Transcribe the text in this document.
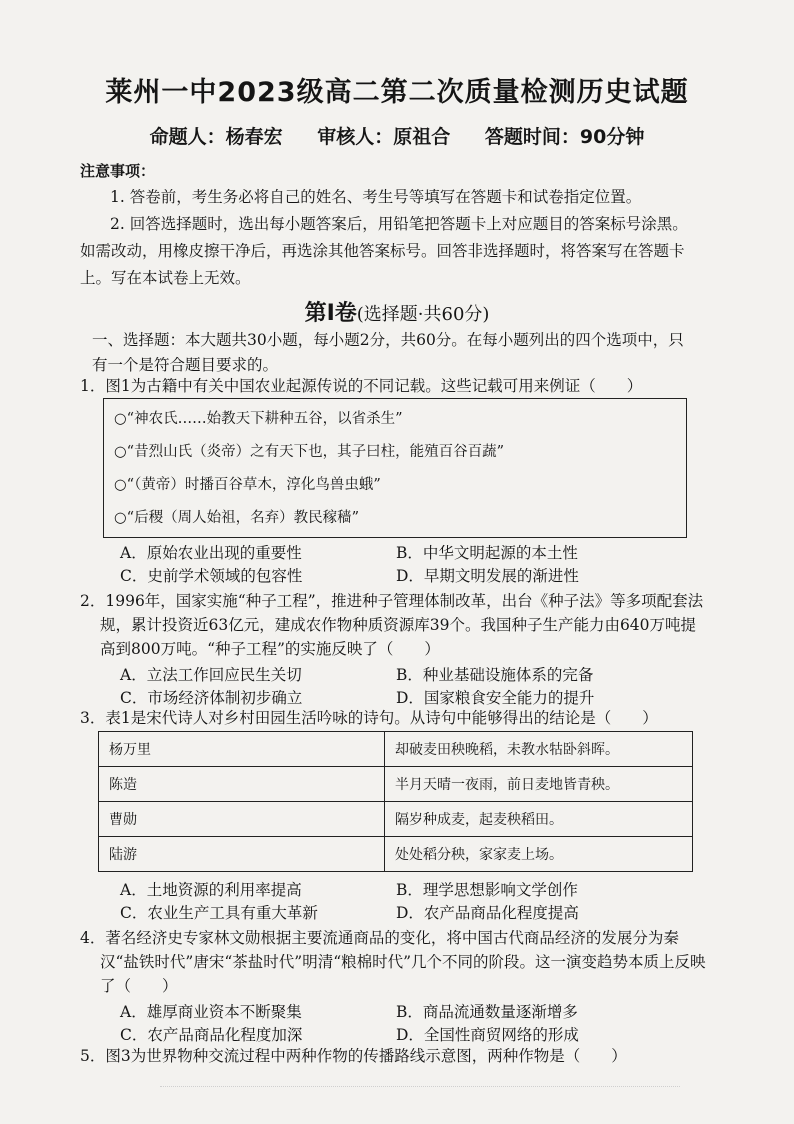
莱州一中2023级高二第二次质量检测历史试题
命题人：杨春宏 审核人：原祖合 答题时间：90分钟
注意事项：

1. 答卷前，考生务必将自己的姓名、考生号等填写在答题卡和试卷指定位置。

2. 回答选择题时，选出每小题答案后，用铅笔把答题卡上对应题目的答案标号涂黑。如需改动，用橡皮擦干净后，再选涂其他答案标号。回答非选择题时，将答案写在答题卡上。写在本试卷上无效。

第Ⅰ卷(选择题·共60分)
一、选择题：本大题共30小题，每小题2分，共60分。在每小题列出的四个选项中，只有一个是符合题目要求的。
1．图1为古籍中有关中国农业起源传说的不同记载。这些记载可用来例证（　　）
○“神农氏……始教天下耕种五谷，以省杀生”
○“昔烈山氏（炎帝）之有天下也，其子曰柱，能殖百谷百蔬”
○“（黄帝）时播百谷草木，淳化鸟兽虫蛾”
○“后稷（周人始祖，名弃）教民稼穑”
A．原始农业出现的重要性	B．中华文明起源的本土性
C．史前学术领域的包容性	D．早期文明发展的渐进性
2．1996年，国家实施“种子工程”，推进种子管理体制改革，出台《种子法》等多项配套法规，累计投资近63亿元，建成农作物种质资源库39个。我国种子生产能力由640万吨提高到800万吨。“种子工程”的实施反映了（　　）
A．立法工作回应民生关切	B．种业基础设施体系的完备
C．市场经济体制初步确立	D．国家粮食安全能力的提升
3．表1是宋代诗人对乡村田园生活吟咏的诗句。从诗句中能够得出的结论是（　　）
杨万里	却破麦田秧晚稻，未教水牯卧斜晖。
陈造	半月天晴一夜雨，前日麦地皆青秧。
曹勋	隔岁种成麦，起麦秧稻田。
陆游	处处稻分秧，家家麦上场。
A．土地资源的利用率提高	B．理学思想影响文学创作
C．农业生产工具有重大革新	D．农产品商品化程度提高
4．著名经济史专家林文勋根据主要流通商品的变化，将中国古代商品经济的发展分为秦汉“盐铁时代”唐宋“茶盐时代”明清“粮棉时代”几个不同的阶段。这一演变趋势本质上反映了（　　）
A．雄厚商业资本不断聚集	B．商品流通数量逐渐增多
C．农产品商品化程度加深	D．全国性商贸网络的形成
5．图3为世界物种交流过程中两种作物的传播路线示意图，两种作物是（　　）
